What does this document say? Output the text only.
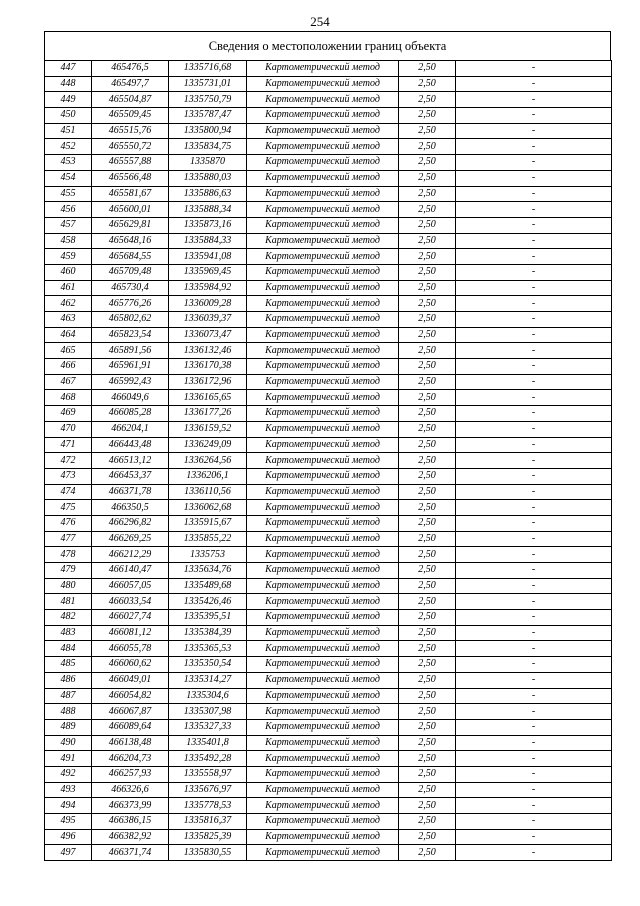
254
Сведения о местоположении границ объекта
447	465476,5	1335716,68	Картометрический метод	2,50	-
448	465497,7	1335731,01	Картометрический метод	2,50	-
449	465504,87	1335750,79	Картометрический метод	2,50	-
450	465509,45	1335787,47	Картометрический метод	2,50	-
451	465515,76	1335800,94	Картометрический метод	2,50	-
452	465550,72	1335834,75	Картометрический метод	2,50	-
453	465557,88	1335870	Картометрический метод	2,50	-
454	465566,48	1335880,03	Картометрический метод	2,50	-
455	465581,67	1335886,63	Картометрический метод	2,50	-
456	465600,01	1335888,34	Картометрический метод	2,50	-
457	465629,81	1335873,16	Картометрический метод	2,50	-
458	465648,16	1335884,33	Картометрический метод	2,50	-
459	465684,55	1335941,08	Картометрический метод	2,50	-
460	465709,48	1335969,45	Картометрический метод	2,50	-
461	465730,4	1335984,92	Картометрический метод	2,50	-
462	465776,26	1336009,28	Картометрический метод	2,50	-
463	465802,62	1336039,37	Картометрический метод	2,50	-
464	465823,54	1336073,47	Картометрический метод	2,50	-
465	465891,56	1336132,46	Картометрический метод	2,50	-
466	465961,91	1336170,38	Картометрический метод	2,50	-
467	465992,43	1336172,96	Картометрический метод	2,50	-
468	466049,6	1336165,65	Картометрический метод	2,50	-
469	466085,28	1336177,26	Картометрический метод	2,50	-
470	466204,1	1336159,52	Картометрический метод	2,50	-
471	466443,48	1336249,09	Картометрический метод	2,50	-
472	466513,12	1336264,56	Картометрический метод	2,50	-
473	466453,37	1336206,1	Картометрический метод	2,50	-
474	466371,78	1336110,56	Картометрический метод	2,50	-
475	466350,5	1336062,68	Картометрический метод	2,50	-
476	466296,82	1335915,67	Картометрический метод	2,50	-
477	466269,25	1335855,22	Картометрический метод	2,50	-
478	466212,29	1335753	Картометрический метод	2,50	-
479	466140,47	1335634,76	Картометрический метод	2,50	-
480	466057,05	1335489,68	Картометрический метод	2,50	-
481	466033,54	1335426,46	Картометрический метод	2,50	-
482	466027,74	1335395,51	Картометрический метод	2,50	-
483	466081,12	1335384,39	Картометрический метод	2,50	-
484	466055,78	1335365,53	Картометрический метод	2,50	-
485	466060,62	1335350,54	Картометрический метод	2,50	-
486	466049,01	1335314,27	Картометрический метод	2,50	-
487	466054,82	1335304,6	Картометрический метод	2,50	-
488	466067,87	1335307,98	Картометрический метод	2,50	-
489	466089,64	1335327,33	Картометрический метод	2,50	-
490	466138,48	1335401,8	Картометрический метод	2,50	-
491	466204,73	1335492,28	Картометрический метод	2,50	-
492	466257,93	1335558,97	Картометрический метод	2,50	-
493	466326,6	1335676,97	Картометрический метод	2,50	-
494	466373,99	1335778,53	Картометрический метод	2,50	-
495	466386,15	1335816,37	Картометрический метод	2,50	-
496	466382,92	1335825,39	Картометрический метод	2,50	-
497	466371,74	1335830,55	Картометрический метод	2,50	-
